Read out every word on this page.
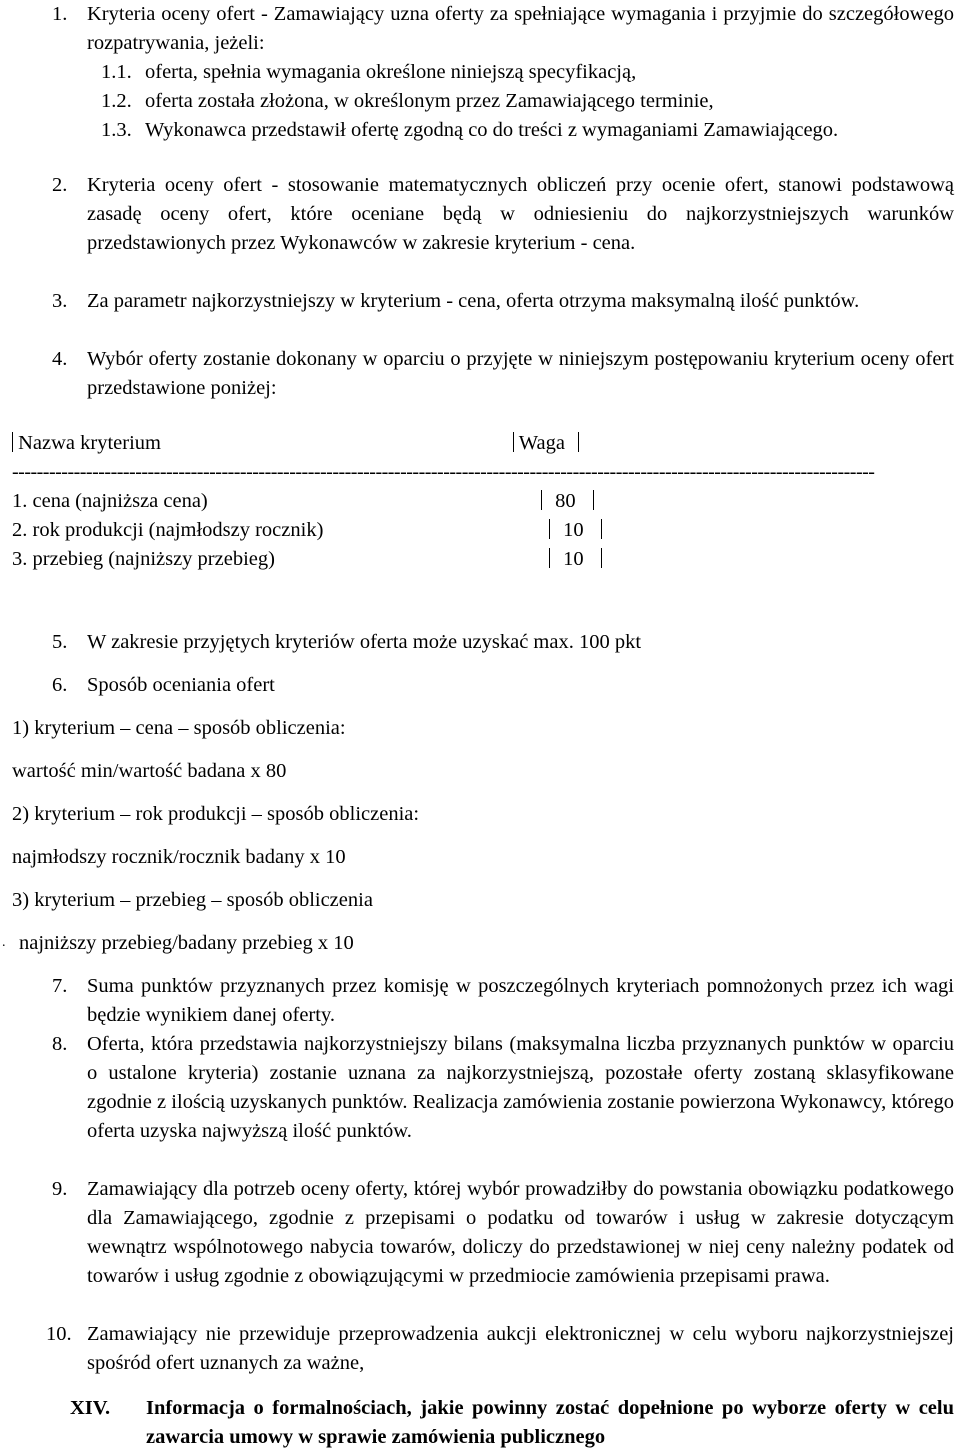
1. Kryteria oceny ofert - Zamawiający uzna oferty za spełniające wymagania i przyjmie do szczegółowego rozpatrywania, jeżeli:
1.1. oferta, spełnia wymagania określone niniejszą specyfikacją,
1.2. oferta została złożona, w określonym przez Zamawiającego terminie,
1.3. Wykonawca przedstawił ofertę zgodną co do treści z wymaganiami Zamawiającego.
2. Kryteria oceny ofert - stosowanie matematycznych obliczeń przy ocenie ofert, stanowi podstawową zasadę oceny ofert, które oceniane będą w odniesieniu do najkorzystniejszych warunków przedstawionych przez Wykonawców w zakresie kryterium - cena.
3. Za parametr najkorzystniejszy w kryterium - cena, oferta otrzyma maksymalną ilość punktów.
4. Wybór oferty zostanie dokonany w oparciu o przyjęte w niniejszym postępowaniu kryterium oceny ofert przedstawione poniżej:
Nazwa kryterium	Waga
--------------------------------------------------------------------------------------------------------------------------------------------
1. cena (najniższa cena)	80
2. rok produkcji (najmłodszy rocznik)	10
3. przebieg (najniższy przebieg)	10
5. W zakresie przyjętych kryteriów oferta może uzyskać max. 100 pkt
6. Sposób oceniania ofert
1) kryterium – cena – sposób obliczenia:
wartość min/wartość badana x 80
2) kryterium – rok produkcji – sposób obliczenia:
najmłodszy rocznik/rocznik badany x 10
3) kryterium – przebieg – sposób obliczenia
. najniższy przebieg/badany przebieg x 10
7. Suma punktów przyznanych przez komisję w poszczególnych kryteriach pomnożonych przez ich wagi będzie wynikiem danej oferty.
8. Oferta, która przedstawia najkorzystniejszy bilans (maksymalna liczba przyznanych punktów w oparciu o ustalone kryteria) zostanie uznana za najkorzystniejszą, pozostałe oferty zostaną sklasyfikowane zgodnie z ilością uzyskanych punktów. Realizacja zamówienia zostanie powierzona Wykonawcy, którego oferta uzyska najwyższą ilość punktów.
9. Zamawiający dla potrzeb oceny oferty, której wybór prowadziłby do powstania obowiązku podatkowego dla Zamawiającego, zgodnie z przepisami o podatku od towarów i usług w zakresie dotyczącym wewnątrz wspólnotowego nabycia towarów, doliczy do przedstawionej w niej ceny należny podatek od towarów i usług zgodnie z obowiązującymi w przedmiocie zamówienia przepisami prawa.
10. Zamawiający nie przewiduje przeprowadzenia aukcji elektronicznej w celu wyboru najkorzystniejszej spośród ofert uznanych za ważne,
XIV. Informacja o formalnościach, jakie powinny zostać dopełnione po wyborze oferty w celu zawarcia umowy w sprawie zamówienia publicznego
